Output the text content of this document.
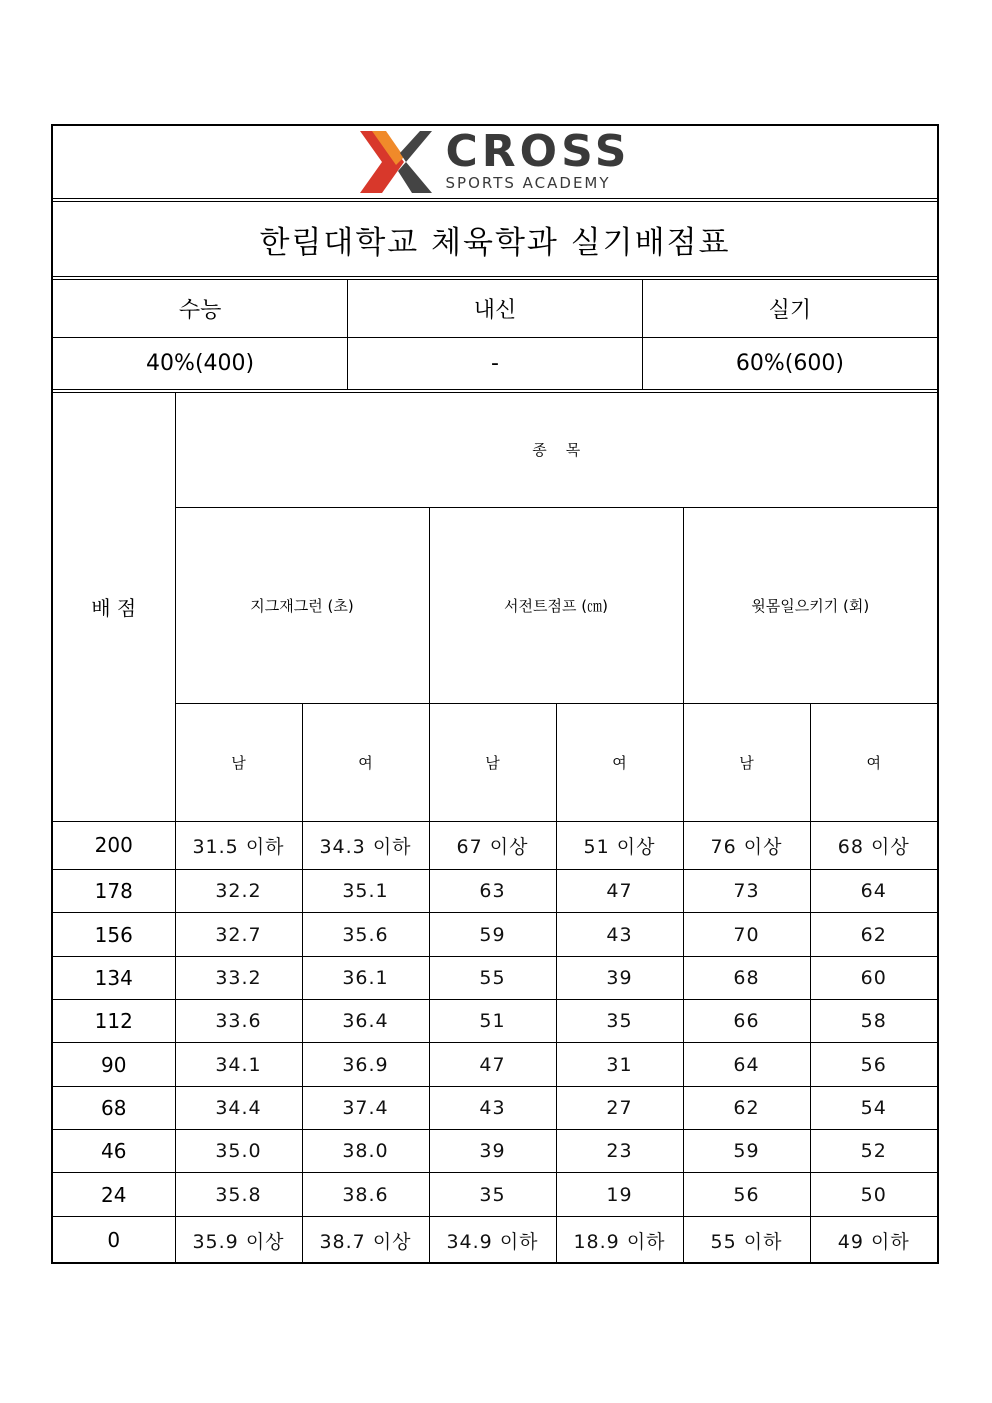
CROSS
SPORTS ACADEMY
한림대학교 체육학과 실기배점표
수능	내신	실기
40%(400)	-	60%(600)
배 점	종    목					
	지그재그런 (초)		서전트점프 (㎝)		윗몸일으키기 (회)	
	남	여	남	여	남	여
200	31.5 이하	34.3 이하	67 이상	51 이상	76 이상	68 이상
178	32.2	35.1	63	47	73	64
156	32.7	35.6	59	43	70	62
134	33.2	36.1	55	39	68	60
112	33.6	36.4	51	35	66	58
90	34.1	36.9	47	31	64	56
68	34.4	37.4	43	27	62	54
46	35.0	38.0	39	23	59	52
24	35.8	38.6	35	19	56	50
0	35.9 이상	38.7 이상	34.9 이하	18.9 이하	55 이하	49 이하
